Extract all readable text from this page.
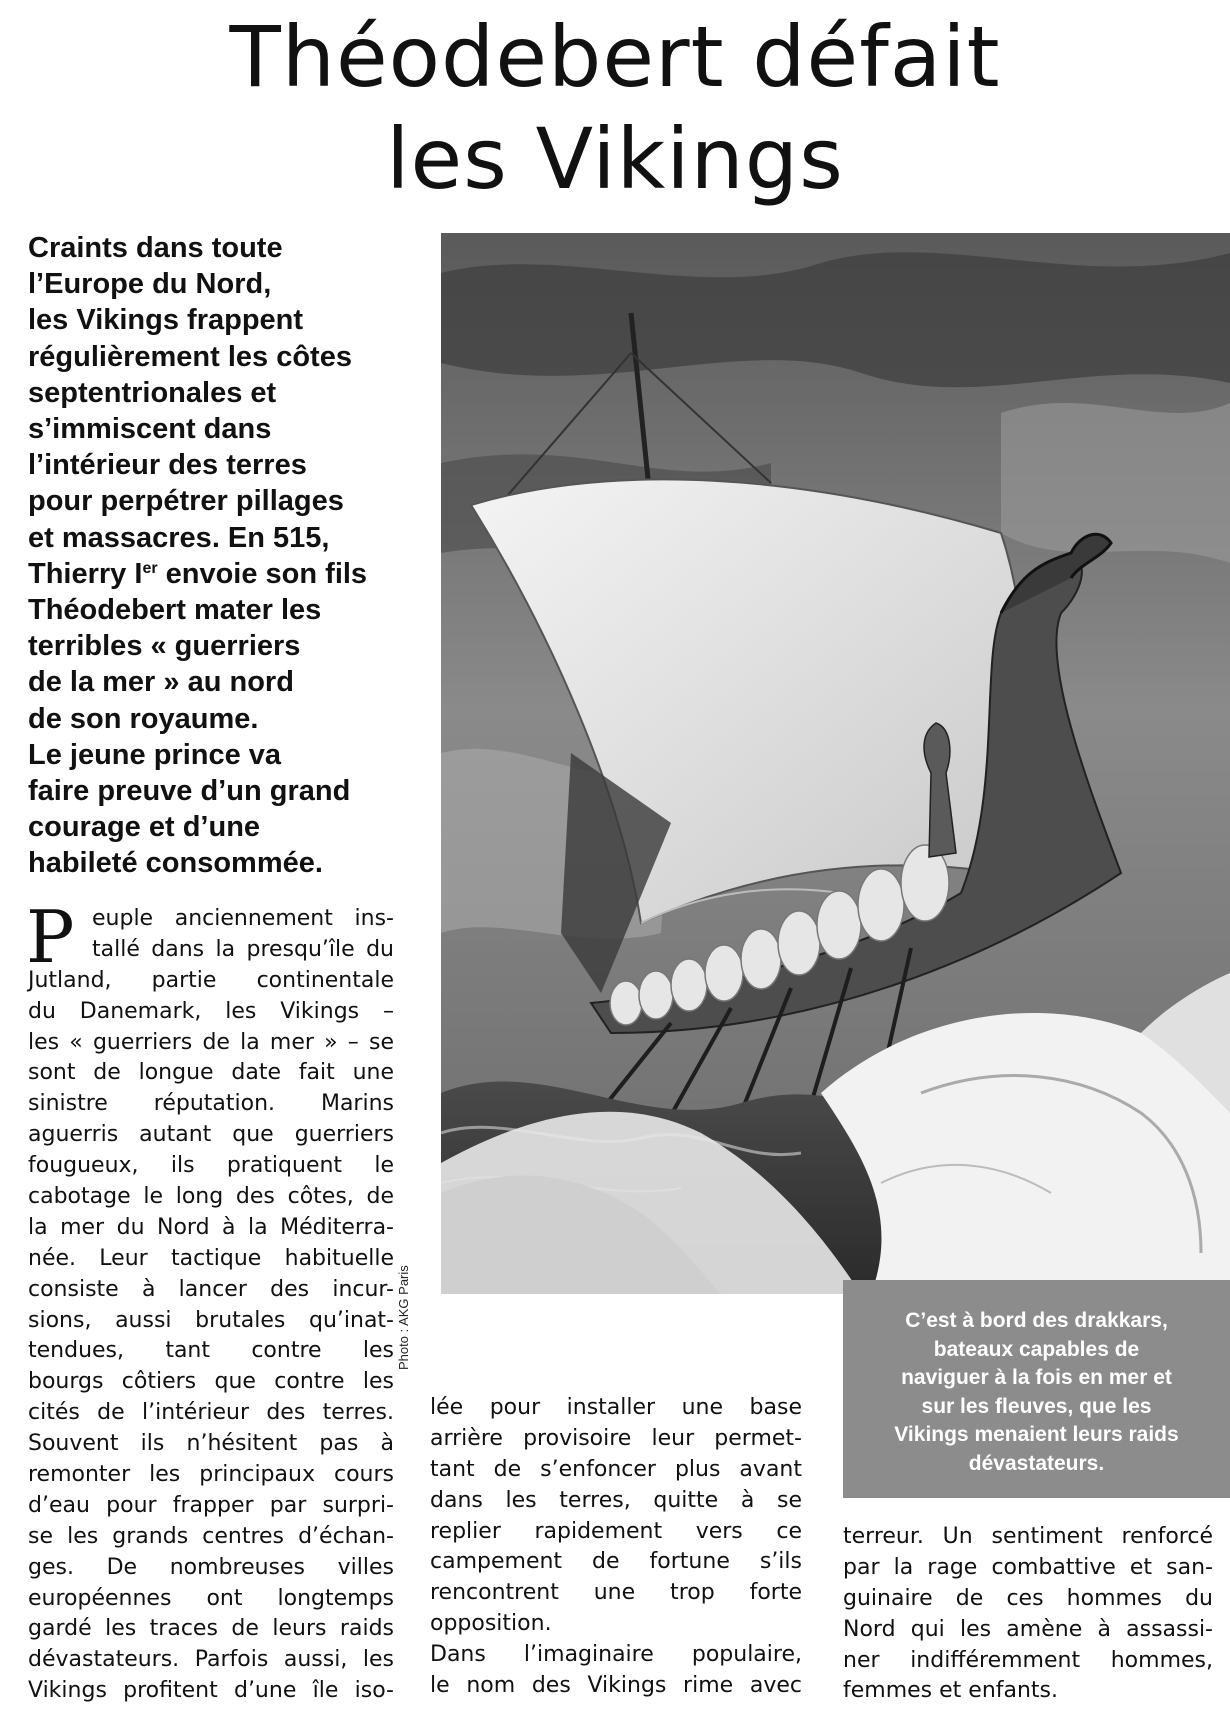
Théodebert défait
les Vikings
Craints dans toute
l’Europe du Nord,
les Vikings frappent
régulièrement les côtes
septentrionales et
s’immiscent dans
l’intérieur des terres
pour perpétrer pillages
et massacres. En 515,
Thierry Ier envoie son fils
Théodebert mater les
terribles « guerriers
de la mer » au nord
de son royaume.
Le jeune prince va
faire preuve d’un grand
courage et d’une
habileté consommée.
P euple anciennement ins-
tallé dans la presqu’île du
Jutland, partie continentale
du Danemark, les Vikings –
les « guerriers de la mer » – se
sont de longue date fait une
sinistre réputation. Marins
aguerris autant que guerriers
fougueux, ils pratiquent le
cabotage le long des côtes, de
la mer du Nord à la Méditerra-
née. Leur tactique habituelle
consiste à lancer des incur-
sions, aussi brutales qu’inat-
tendues, tant contre les
bourgs côtiers que contre les
cités de l’intérieur des terres.
Souvent ils n’hésitent pas à
remonter les principaux cours
d’eau pour frapper par surpri-
se les grands centres d’échan-
ges. De nombreuses villes
européennes ont longtemps
gardé les traces de leurs raids
dévastateurs. Parfois aussi, les
Vikings profitent d’une île iso-
Photo : AKG Paris	C’est à bord des drakkars,
bateaux capables de
naviguer à la fois en mer et
sur les fleuves, que les
Vikings menaient leurs raids
dévastateurs.
lée pour installer une base
arrière provisoire leur permet-
tant de s’enfoncer plus avant
dans les terres, quitte à se
replier rapidement vers ce
campement de fortune s’ils
rencontrent une trop forte
opposition.
Dans l’imaginaire populaire,
le nom des Vikings rime avec
terreur. Un sentiment renforcé
par la rage combattive et san-
guinaire de ces hommes du
Nord qui les amène à assassi-
ner indifféremment hommes,
femmes et enfants.
